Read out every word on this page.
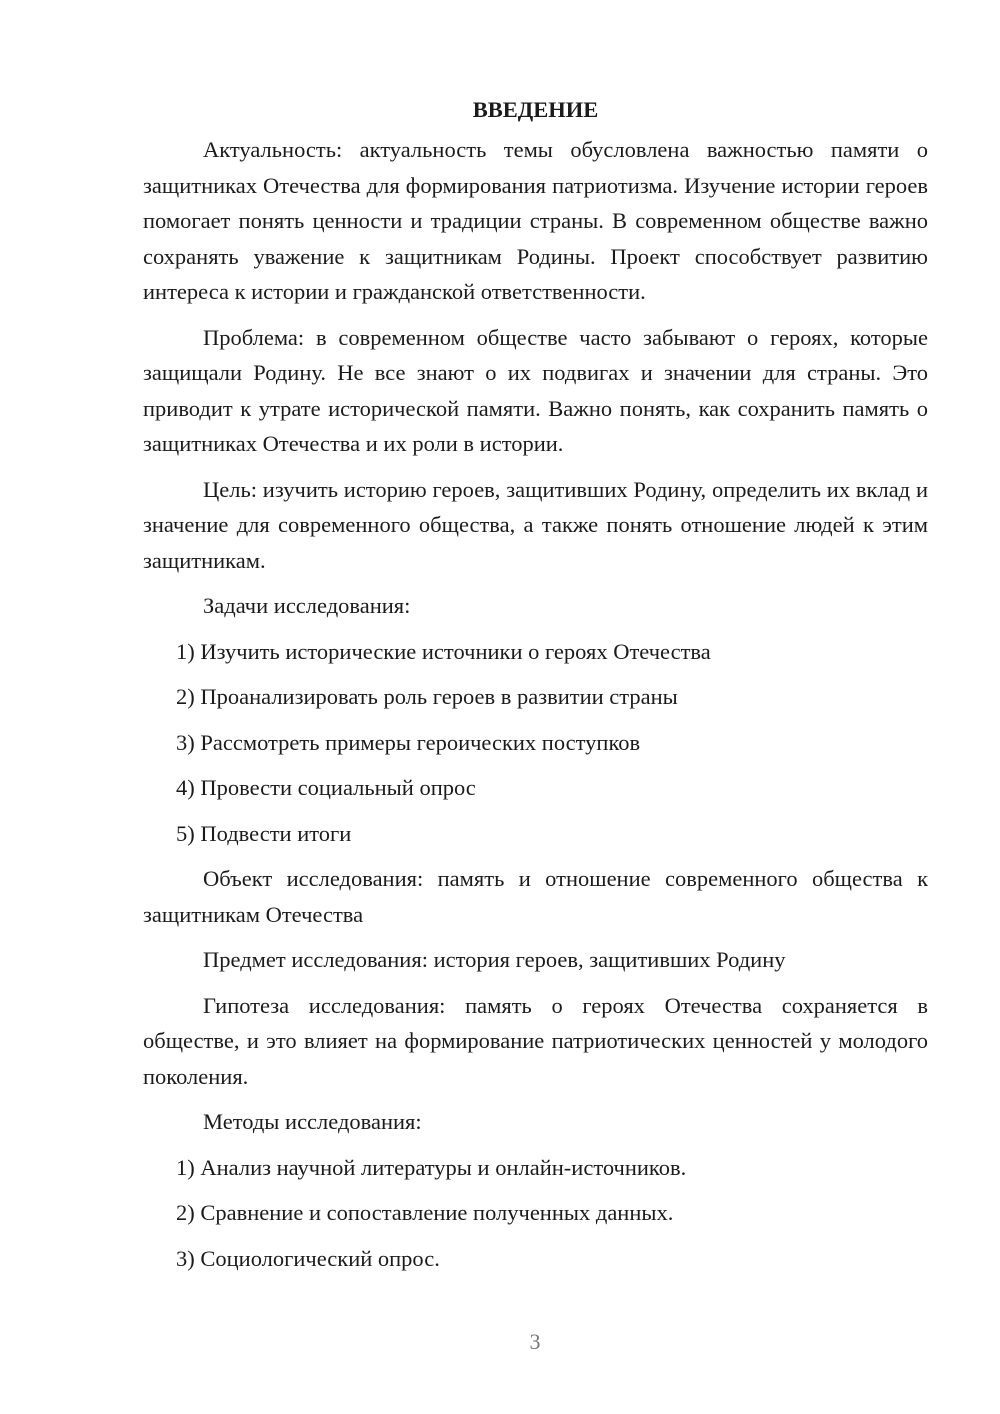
ВВЕДЕНИЕ

Актуальность: актуальность темы обусловлена важностью памяти о защитниках Отечества для формирования патриотизма. Изучение истории героев помогает понять ценности и традиции страны. В современном обществе важно сохранять уважение к защитникам Родины. Проект способствует развитию интереса к истории и гражданской ответственности.

Проблема: в современном обществе часто забывают о героях, которые защищали Родину. Не все знают о их подвигах и значении для страны. Это приводит к утрате исторической памяти. Важно понять, как сохранить память о защитниках Отечества и их роли в истории.

Цель: изучить историю героев, защитивших Родину, определить их вклад и значение для современного общества, а также понять отношение людей к этим защитникам.

Задачи исследования:
1) Изучить исторические источники о героях Отечества
2) Проанализировать роль героев в развитии страны
3) Рассмотреть примеры героических поступков
4) Провести социальный опрос
5) Подвести итоги

Объект исследования: память и отношение современного общества к защитникам Отечества

Предмет исследования: история героев, защитивших Родину

Гипотеза исследования: память о героях Отечества сохраняется в обществе, и это влияет на формирование патриотических ценностей у молодого поколения.

Методы исследования:
1) Анализ научной литературы и онлайн-источников.
2) Сравнение и сопоставление полученных данных.
3) Социологический опрос.
3
